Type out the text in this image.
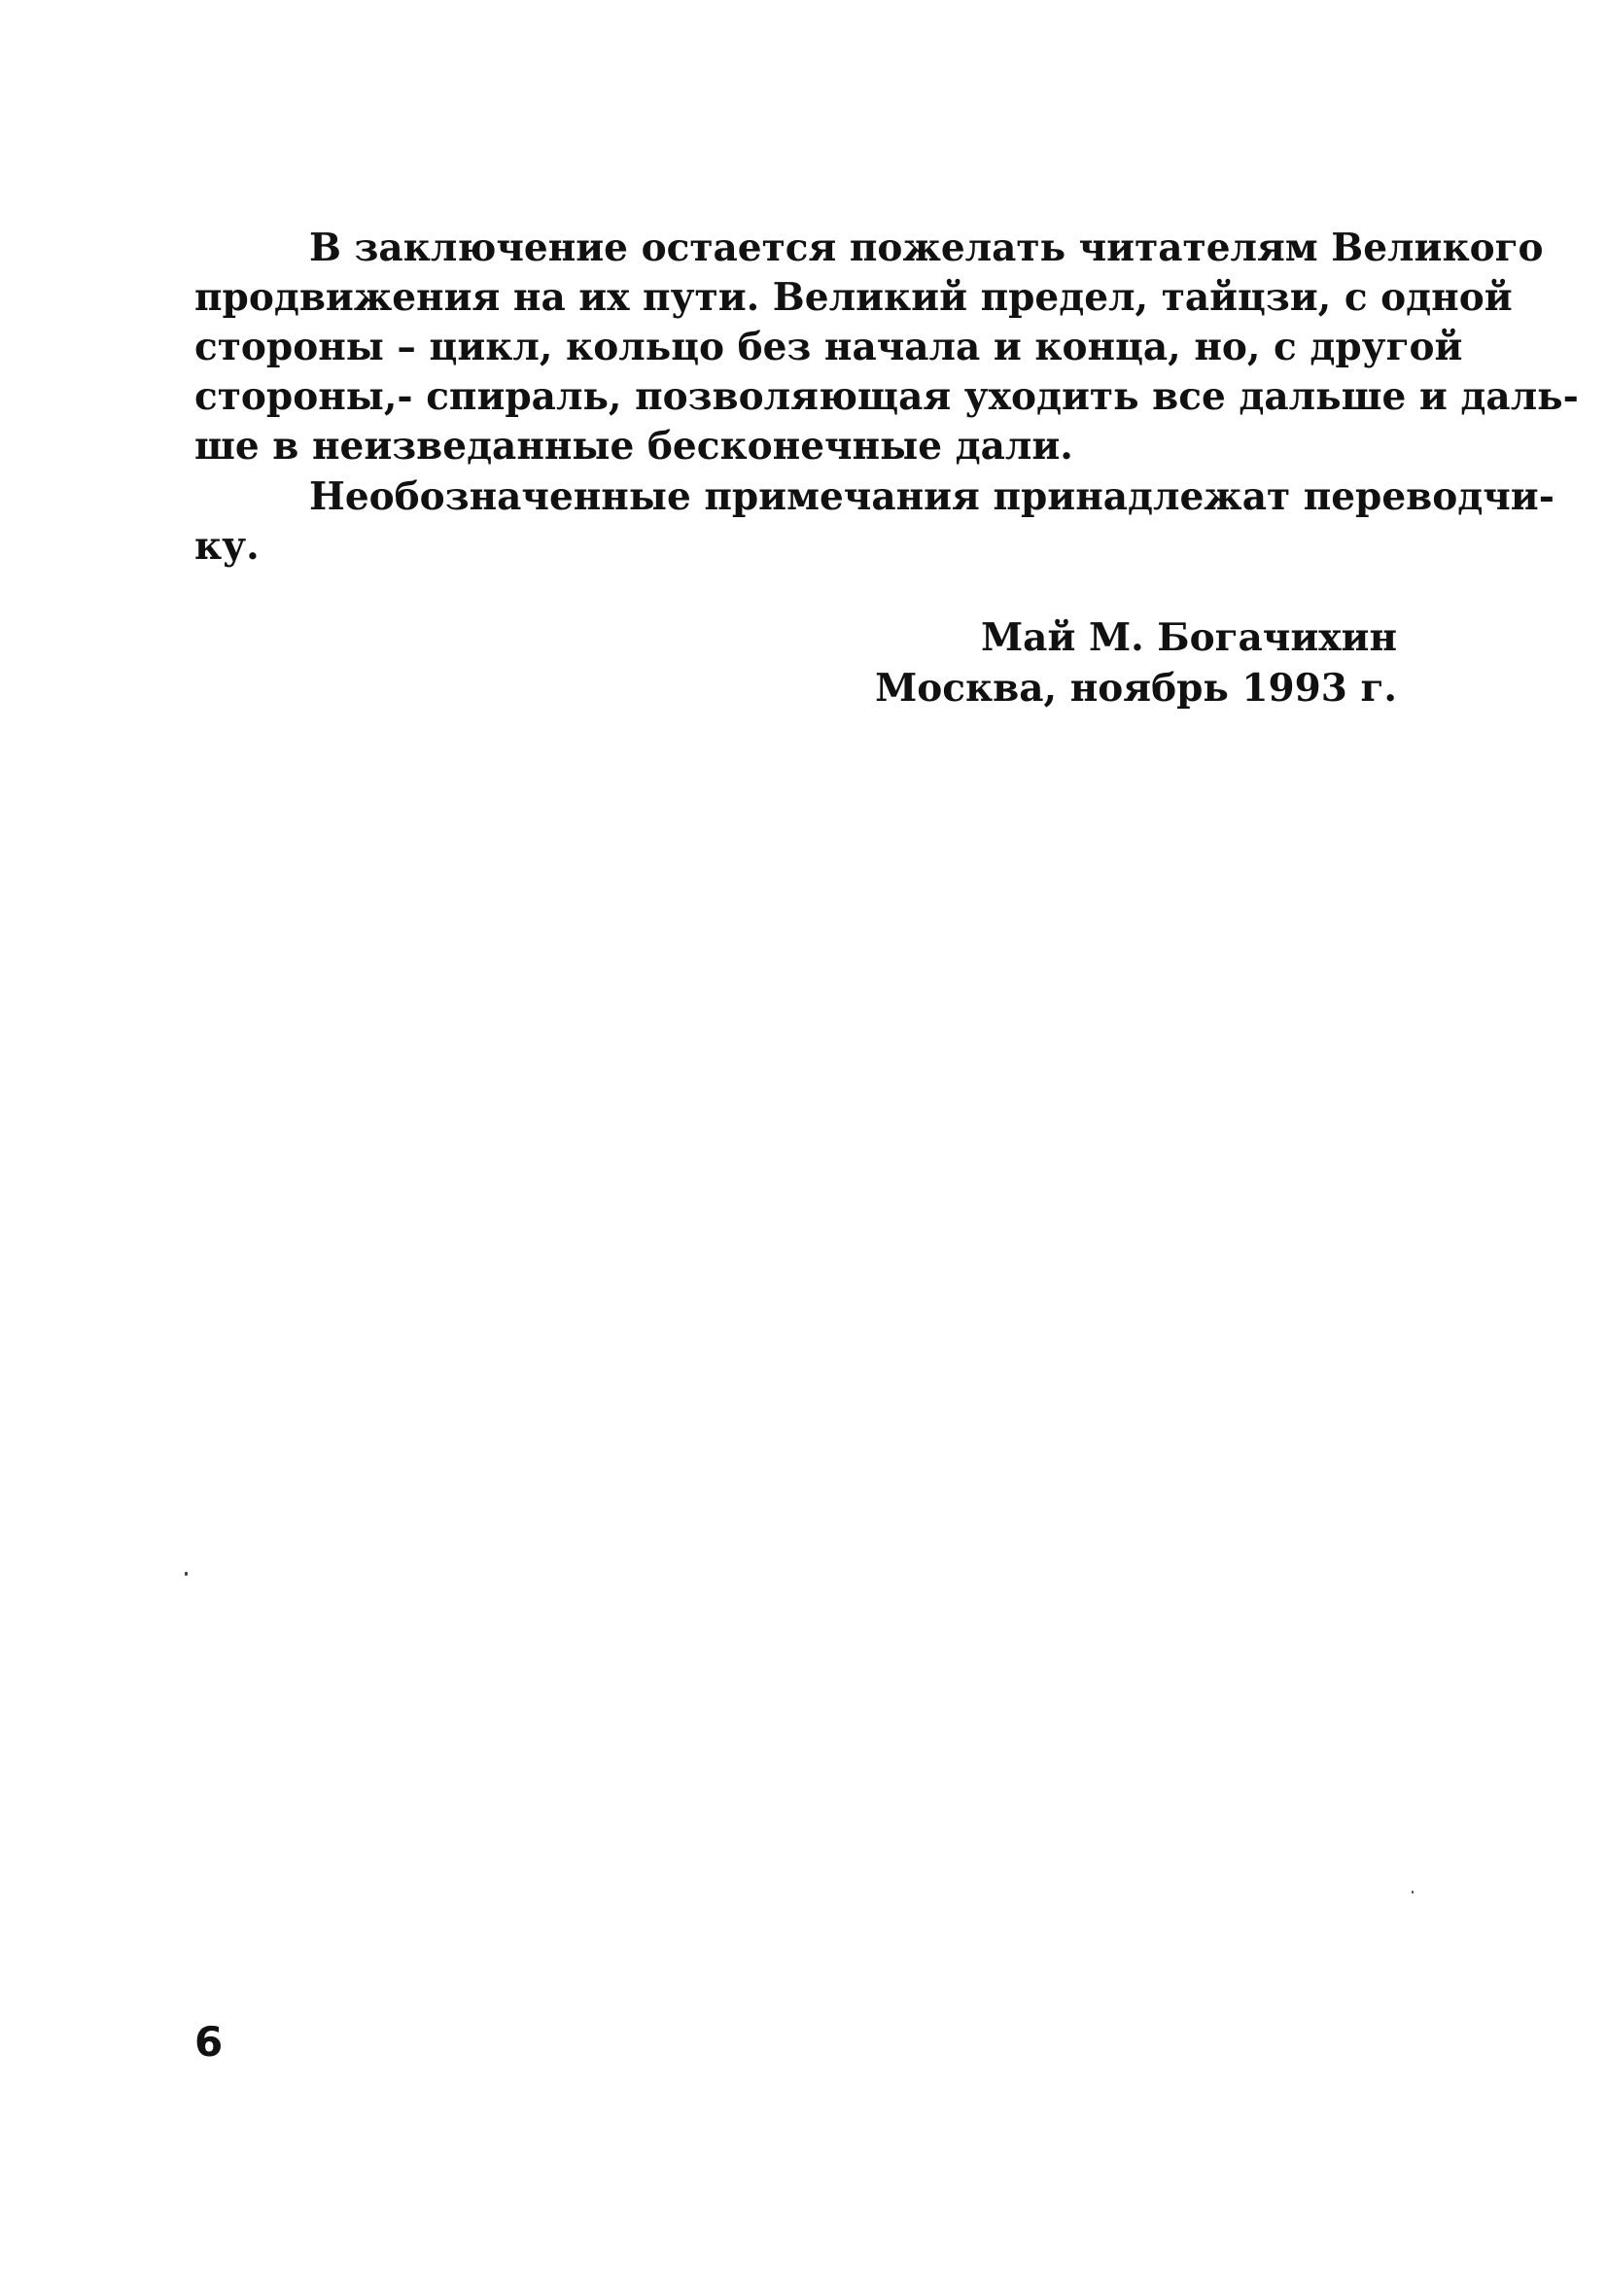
В заключение остается пожелать читателям Великого
продвижения на их пути. Великий предел, тайцзи, с одной
стороны – цикл, кольцо без начала и конца, но, с другой
стороны,- спираль, позволяющая уходить все дальше и даль-
ше в неизведанные бесконечные дали.
Необозначенные примечания принадлежат переводчи-
ку.
Май М. Богачихин
Москва, ноябрь 1993 г.
6
